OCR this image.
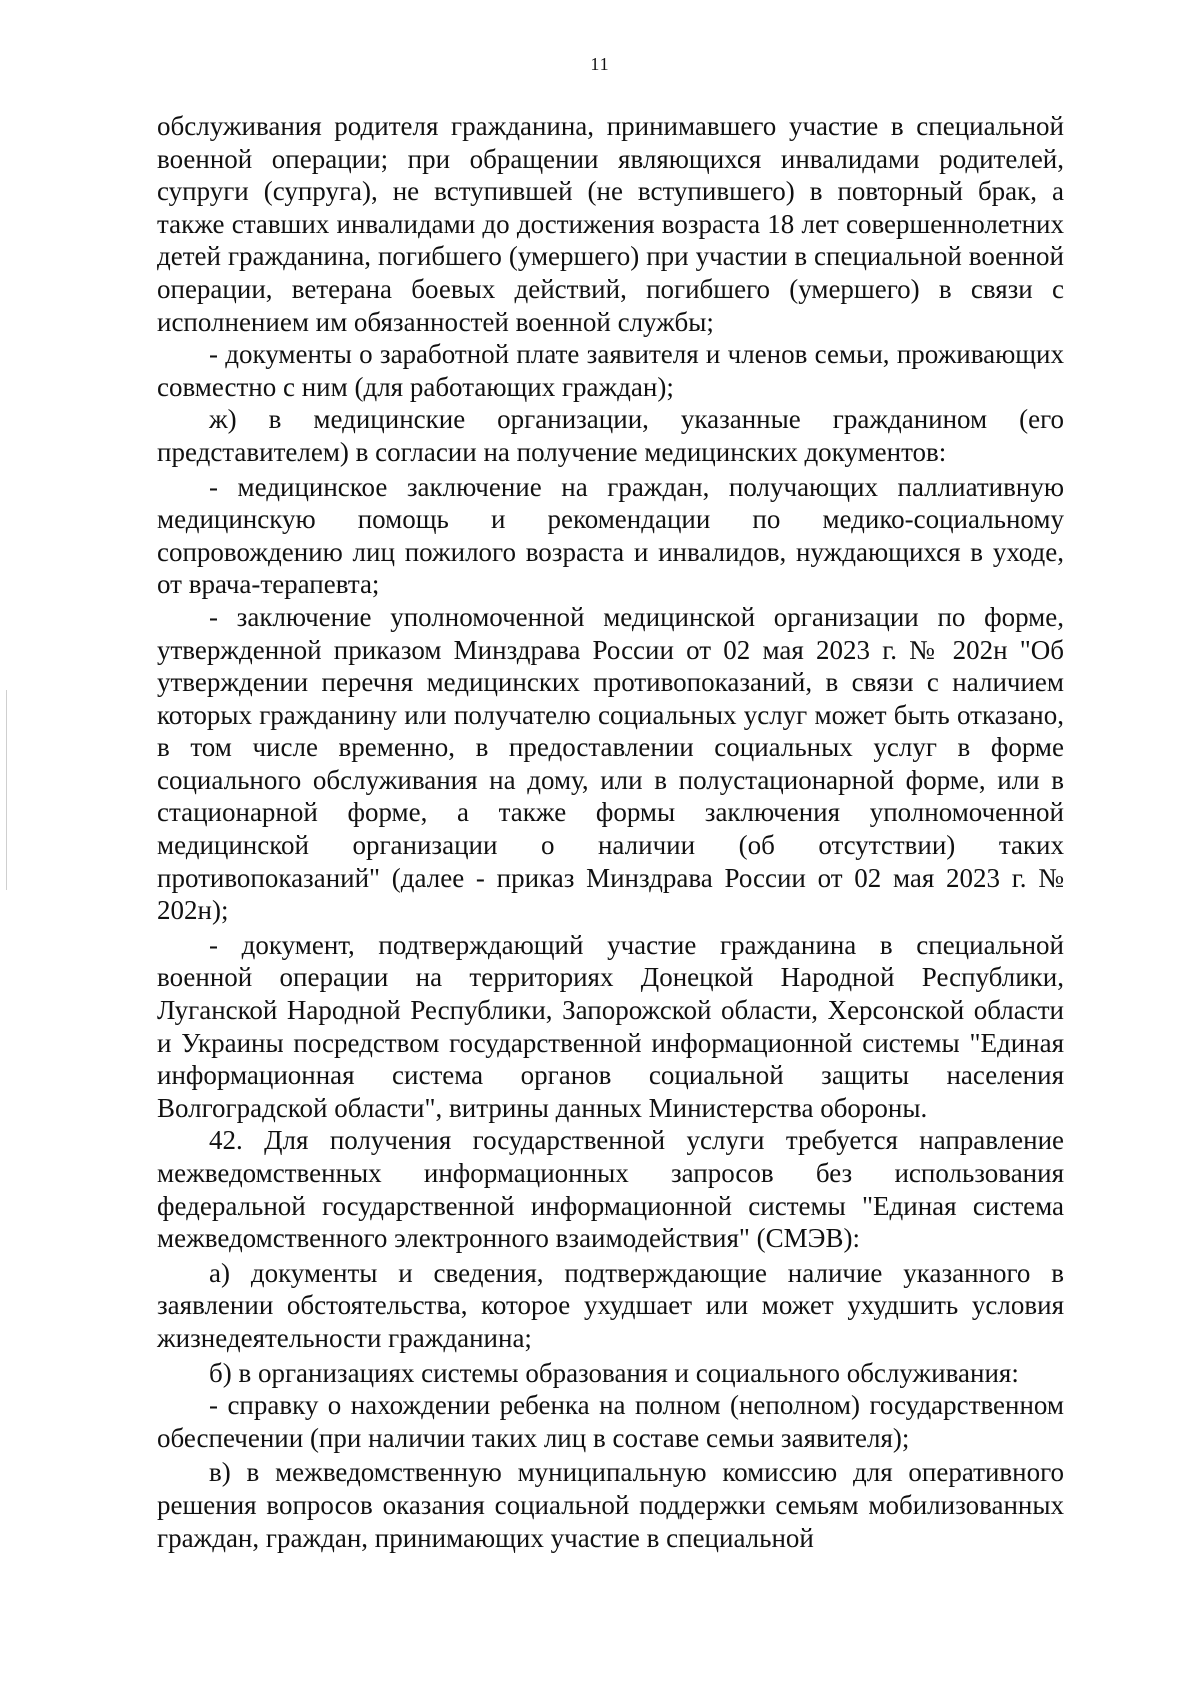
11

обслуживания родителя гражданина, принимавшего участие в специальной военной операции; при обращении являющихся инвалидами родителей, супруги (супруга), не вступившей (не вступившего) в повторный брак, а также ставших инвалидами до достижения возраста 18 лет совершеннолетних детей гражданина, погибшего (умершего) при участии в специальной военной операции, ветерана боевых действий, погибшего (умершего) в связи с исполнением им обязанностей военной службы;

- документы о заработной плате заявителя и членов семьи, проживающих совместно с ним (для работающих граждан);

ж) в медицинские организации, указанные гражданином (его представителем) в согласии на получение медицинских документов:

- медицинское заключение на граждан, получающих паллиативную медицинскую помощь и рекомендации по медико-социальному сопровождению лиц пожилого возраста и инвалидов, нуждающихся в уходе, от врача-терапевта;

- заключение уполномоченной медицинской организации по форме, утвержденной приказом Минздрава России от 02 мая 2023 г. № 202н "Об утверждении перечня медицинских противопоказаний, в связи с наличием которых гражданину или получателю социальных услуг может быть отказано, в том числе временно, в предоставлении социальных услуг в форме социального обслуживания на дому, или в полустационарной форме, или в стационарной форме, а также формы заключения уполномоченной медицинской организации о наличии (об отсутствии) таких противопоказаний" (далее - приказ Минздрава России от 02 мая 2023 г. № 202н);

- документ, подтверждающий участие гражданина в специальной военной операции на территориях Донецкой Народной Республики, Луганской Народной Республики, Запорожской области, Херсонской области и Украины посредством государственной информационной системы "Единая информационная система органов социальной защиты населения Волгоградской области", витрины данных Министерства обороны.

42. Для получения государственной услуги требуется направление межведомственных информационных запросов без использования федеральной государственной информационной системы "Единая система межведомственного электронного взаимодействия" (СМЭВ):

а) документы и сведения, подтверждающие наличие указанного в заявлении обстоятельства, которое ухудшает или может ухудшить условия жизнедеятельности гражданина;

б) в организациях системы образования и социального обслуживания:

- справку о нахождении ребенка на полном (неполном) государственном обеспечении (при наличии таких лиц в составе семьи заявителя);

в) в межведомственную муниципальную комиссию для оперативного решения вопросов оказания социальной поддержки семьям мобилизованных граждан, граждан, принимающих участие в специальной
